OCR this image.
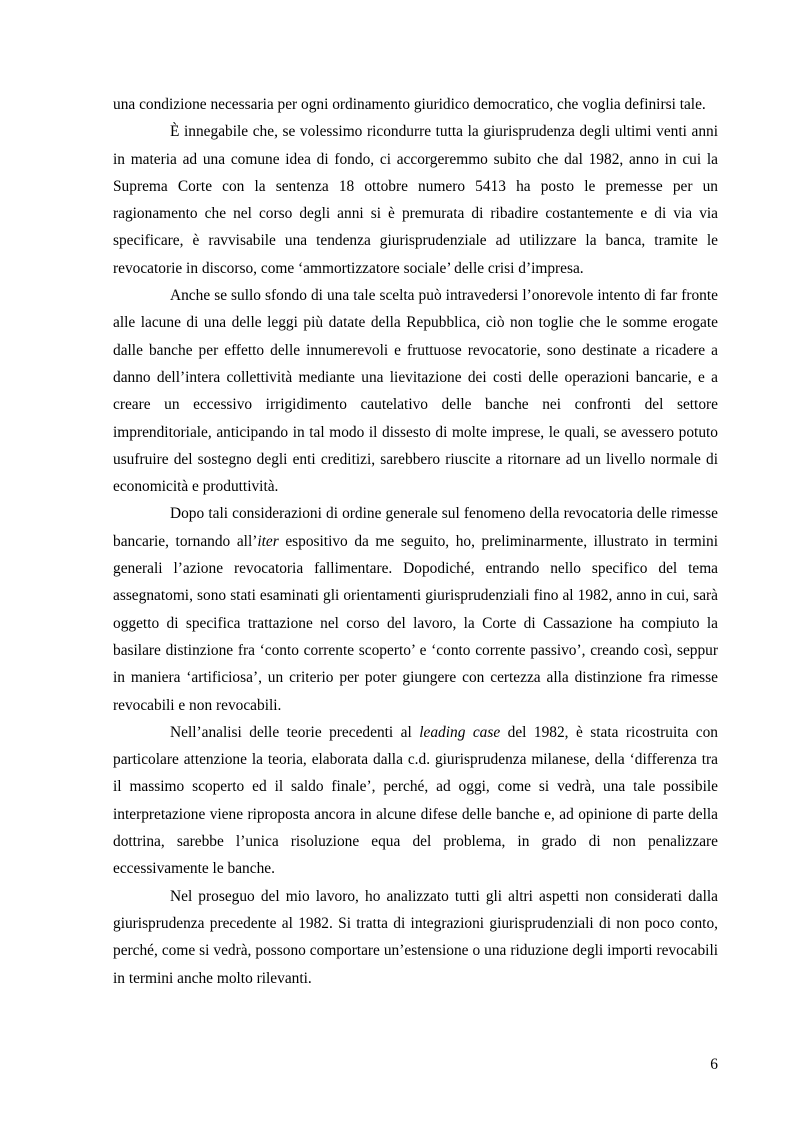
una condizione necessaria per ogni ordinamento giuridico democratico, che voglia definirsi tale.

È innegabile che, se volessimo ricondurre tutta la giurisprudenza degli ultimi venti anni in materia ad una comune idea di fondo, ci accorgeremmo subito che dal 1982, anno in cui la Suprema Corte con la sentenza 18 ottobre numero 5413 ha posto le premesse per un ragionamento che nel corso degli anni si è premurata di ribadire costantemente e di via via specificare, è ravvisabile una tendenza giurisprudenziale ad utilizzare la banca, tramite le revocatorie in discorso, come ‘ammortizzatore sociale’ delle crisi d’impresa.

Anche se sullo sfondo di una tale scelta può intravedersi l’onorevole intento di far fronte alle lacune di una delle leggi più datate della Repubblica, ciò non toglie che le somme erogate dalle banche per effetto delle innumerevoli e fruttuose revocatorie, sono destinate a ricadere a danno dell’intera collettività mediante una lievitazione dei costi delle operazioni bancarie, e a creare un eccessivo irrigidimento cautelativo delle banche nei confronti del settore imprenditoriale, anticipando in tal modo il dissesto di molte imprese, le quali, se avessero potuto usufruire del sostegno degli enti creditizi, sarebbero riuscite a ritornare ad un livello normale di economicità e produttività.

Dopo tali considerazioni di ordine generale sul fenomeno della revocatoria delle rimesse bancarie, tornando all’iter espositivo da me seguito, ho, preliminarmente, illustrato in termini generali l’azione revocatoria fallimentare. Dopodiché, entrando nello specifico del tema assegnatomi, sono stati esaminati gli orientamenti giurisprudenziali fino al 1982, anno in cui, sarà oggetto di specifica trattazione nel corso del lavoro, la Corte di Cassazione ha compiuto la basilare distinzione fra ‘conto corrente scoperto’ e ‘conto corrente passivo’, creando così, seppur in maniera ‘artificiosa’, un criterio per poter giungere con certezza alla distinzione fra rimesse revocabili e non revocabili.

Nell’analisi delle teorie precedenti al leading case del 1982, è stata ricostruita con particolare attenzione la teoria, elaborata dalla c.d. giurisprudenza milanese, della ‘differenza tra il massimo scoperto ed il saldo finale’, perché, ad oggi, come si vedrà, una tale possibile interpretazione viene riproposta ancora in alcune difese delle banche e, ad opinione di parte della dottrina, sarebbe l’unica risoluzione equa del problema, in grado di non penalizzare eccessivamente le banche.

Nel proseguo del mio lavoro, ho analizzato tutti gli altri aspetti non considerati dalla giurisprudenza precedente al 1982. Si tratta di integrazioni giurisprudenziali di non poco conto, perché, come si vedrà, possono comportare un’estensione o una riduzione degli importi revocabili in termini anche molto rilevanti.

6
